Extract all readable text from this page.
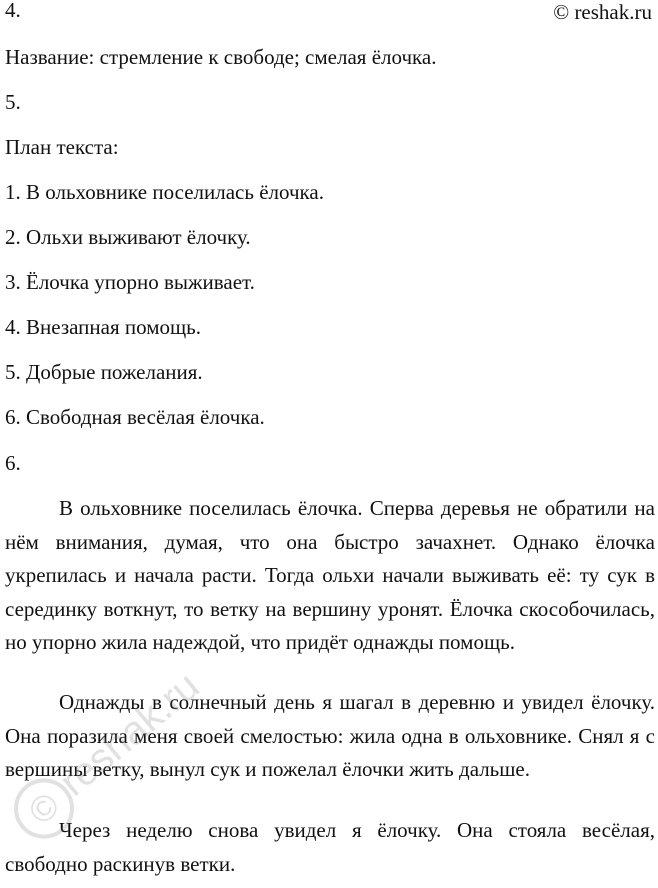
4.	© reshak.ru

Название: стремление к свободе; смелая ёлочка.

5.

План текста:

1. В ольховнике поселилась ёлочка.

2. Ольхи выживают ёлочку.

3. Ёлочка упорно выживает.

4. Внезапная помощь.

5. Добрые пожелания.

6. Свободная весёлая ёлочка.

6.

В ольховнике поселилась ёлочка. Сперва деревья не обратили на нём внимания, думая, что она быстро зачахнет. Однако ёлочка укрепилась и начала расти. Тогда ольхи начали выживать её: ту сук в серединку воткнут, то ветку на вершину уронят. Ёлочка скособочилась, но упорно жила надеждой, что придёт однажды помощь.

Однажды в солнечный день я шагал в деревню и увидел ёлочку. Она поразила меня своей смелостью: жила одна в ольховнике. Снял я с вершины ветку, вынул сук и пожелал ёлочки жить дальше.

Через неделю снова увидел я ёлочку. Она стояла весёлая, свободно раскинув ветки.

©
reshak.ru
